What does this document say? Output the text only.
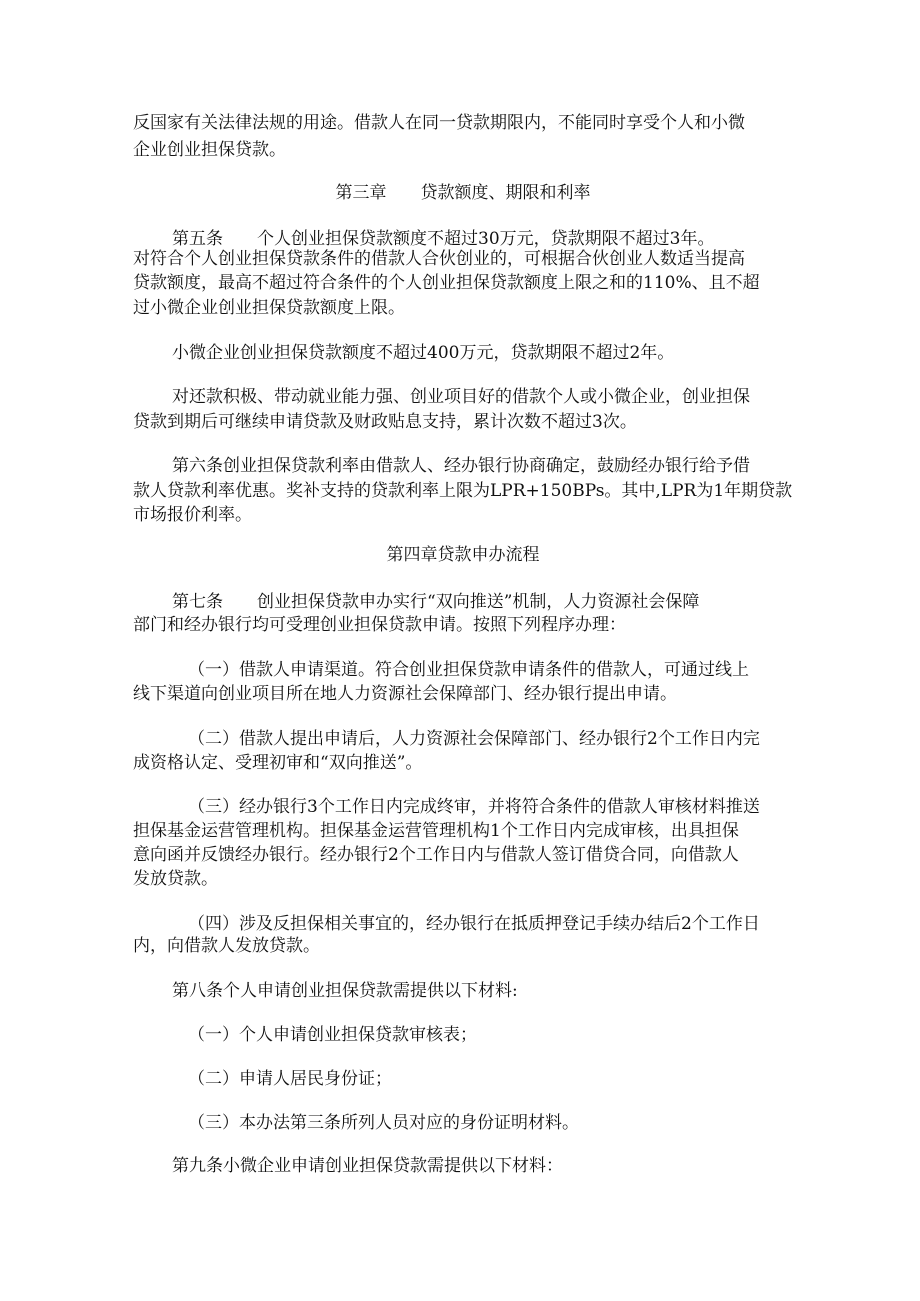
反国家有关法律法规的用途。借款人在同一贷款期限内，不能同时享受个人和小微
企业创业担保贷款。
第三章　　贷款额度、期限和利率
第五条　　个人创业担保贷款额度不超过30万元，贷款期限不超过3年。
对符合个人创业担保贷款条件的借款人合伙创业的，可根据合伙创业人数适当提高
贷款额度，最高不超过符合条件的个人创业担保贷款额度上限之和的110%、且不超
过小微企业创业担保贷款额度上限。
小微企业创业担保贷款额度不超过400万元，贷款期限不超过2年。
对还款积极、带动就业能力强、创业项目好的借款个人或小微企业，创业担保
贷款到期后可继续申请贷款及财政贴息支持，累计次数不超过3次。
第六条创业担保贷款利率由借款人、经办银行协商确定，鼓励经办银行给予借
款人贷款利率优惠。奖补支持的贷款利率上限为LPR+150BPs。其中,LPR为1年期贷款
市场报价利率。
第四章贷款申办流程
第七条　　创业担保贷款申办实行“双向推送”机制，人力资源社会保障
部门和经办银行均可受理创业担保贷款申请。按照下列程序办理：
（一）借款人申请渠道。符合创业担保贷款申请条件的借款人，可通过线上
线下渠道向创业项目所在地人力资源社会保障部门、经办银行提出申请。
（二）借款人提出申请后，人力资源社会保障部门、经办银行2个工作日内完
成资格认定、受理初审和“双向推送”。
（三）经办银行3个工作日内完成终审，并将符合条件的借款人审核材料推送
担保基金运营管理机构。担保基金运营管理机构1个工作日内完成审核，出具担保
意向函并反馈经办银行。经办银行2个工作日内与借款人签订借贷合同，向借款人
发放贷款。
（四）涉及反担保相关事宜的，经办银行在抵质押登记手续办结后2个工作日
内，向借款人发放贷款。
第八条个人申请创业担保贷款需提供以下材料:
（一）个人申请创业担保贷款审核表；
（二）申请人居民身份证；
（三）本办法第三条所列人员对应的身份证明材料。
第九条小微企业申请创业担保贷款需提供以下材料：
